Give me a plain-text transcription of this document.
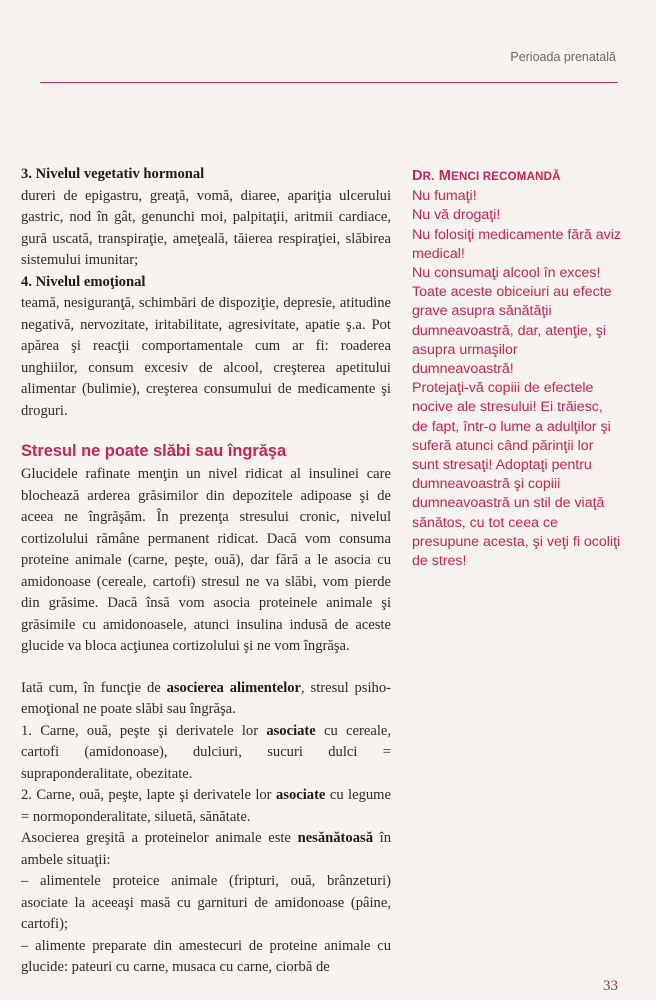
Perioada prenatală

3. Nivelul vegetativ hormonal

dureri de epigastru, greaţă, vomă, diaree, apariţia ulcerului gastric, nod în gât, genunchi moi, palpitaţii, aritmii cardiace, gură uscată, transpiraţie, ameţeală, tăierea respiraţiei, slăbirea sistemului imunitar;

4. Nivelul emoţional

teamă, nesiguranţă, schimbări de dispoziţie, depresie, atitudine negativă, nervozitate, iritabilitate, agresivitate, apatie ş.a. Pot apărea şi reacţii comportamentale cum ar fi: roaderea unghiilor, consum excesiv de alcool, creşterea apetitului alimentar (bulimie), creşterea consumului de medicamente şi droguri.

Stresul ne poate slăbi sau îngrăşa

Glucidele rafinate menţin un nivel ridicat al insulinei care blochează arderea grăsimilor din depozitele adipoase şi de aceea ne îngrăşăm. În prezenţa stresului cronic, nivelul cortizolului rămâne permanent ridicat. Dacă vom consuma proteine animale (carne, peşte, ouă), dar fără a le asocia cu amidonoase (cereale, cartofi) stresul ne va slăbi, vom pierde din grăsime. Dacă însă vom asocia proteinele animale şi grăsimile cu amidonoasele, atunci insulina indusă de aceste glucide va bloca acţiunea cortizolului şi ne vom îngrăşa.

Iată cum, în funcţie de asocierea alimentelor, stresul psiho-emoţional ne poate slăbi sau îngrăşa.

1. Carne, ouă, peşte şi derivatele lor asociate cu cereale, cartofi (amidonoase), dulciuri, sucuri dulci = supraponderalitate, obezitate.

2. Carne, ouă, peşte, lapte şi derivatele lor asociate cu legume = normoponderalitate, siluetă, sănătate.

Asocierea greşită a proteinelor animale este nesănătoasă în ambele situaţii:

– alimentele proteice animale (fripturi, ouă, brânzeturi) asociate la aceeaşi masă cu garnituri de amidonoase (pâine, cartofi);

– alimente preparate din amestecuri de proteine animale cu glucide: pateuri cu carne, musaca cu carne, ciorbă de

DR. MENCI RECOMANDĂ

Nu fumaţi!

Nu vă drogaţi!

Nu folosiţi medicamente fără aviz medical!

Nu consumaţi alcool în exces!

Toate aceste obiceiuri au efecte grave asupra sănătăţii dumneavoastră, dar, atenţie, şi asupra urmaşilor dumneavoastră!

Protejaţi-vă copiii de efectele nocive ale stresului! Ei trăiesc, de fapt, într-o lume a adulţilor şi suferă atunci când părinţii lor sunt stresaţi! Adoptaţi pentru dumneavoastră şi copiii dumneavoastră un stil de viaţă sănătos, cu tot ceea ce presupune acesta, şi veţi fi ocoliţi de stres!

33
